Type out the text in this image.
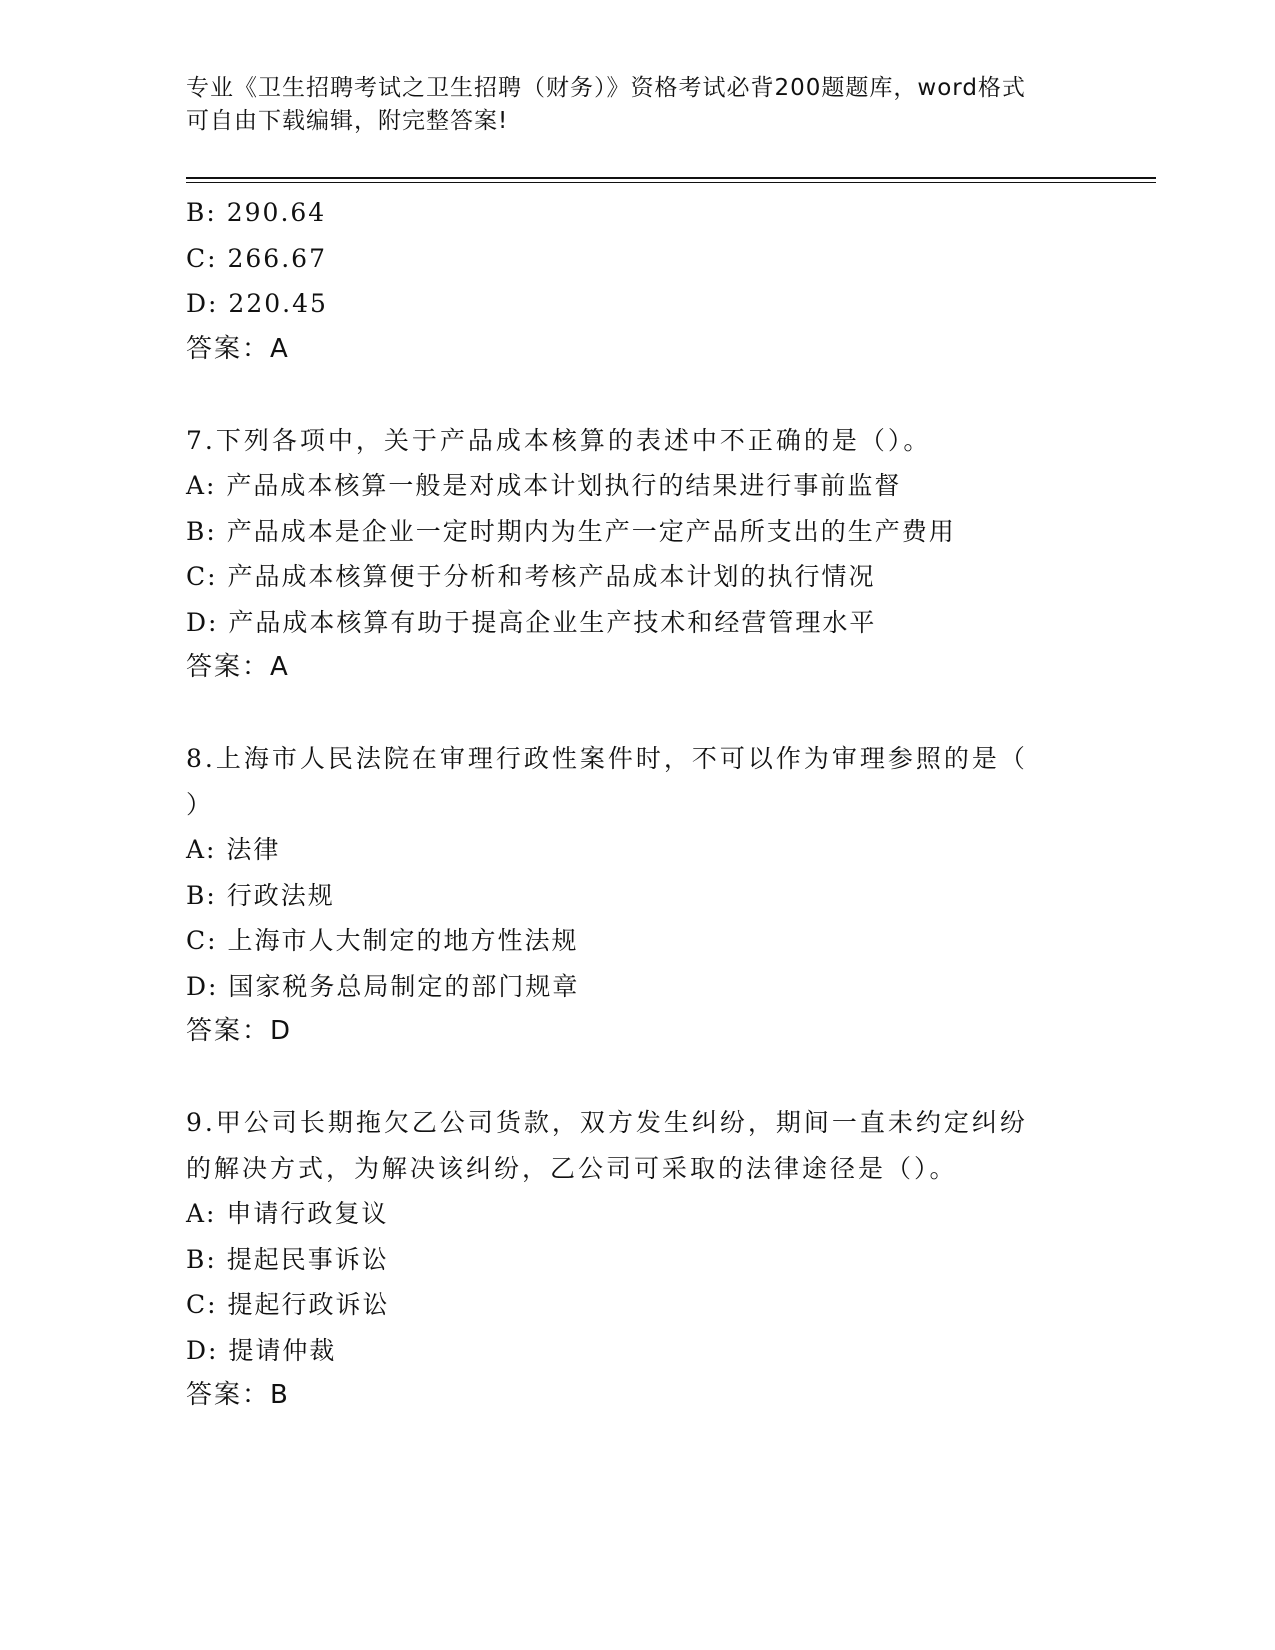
专业《卫生招聘考试之卫生招聘（财务）》资格考试必背200题题库，word格式
可自由下载编辑，附完整答案!
B: 290.64
C: 266.67
D: 220.45
答案：A
7.下列各项中，关于产品成本核算的表述中不正确的是（）。
A: 产品成本核算一般是对成本计划执行的结果进行事前监督
B: 产品成本是企业一定时期内为生产一定产品所支出的生产费用
C: 产品成本核算便于分析和考核产品成本计划的执行情况
D: 产品成本核算有助于提高企业生产技术和经营管理水平
答案：A
8.上海市人民法院在审理行政性案件时，不可以作为审理参照的是（
）
A: 法律
B: 行政法规
C: 上海市人大制定的地方性法规
D: 国家税务总局制定的部门规章
答案：D
9.甲公司长期拖欠乙公司货款，双方发生纠纷，期间一直未约定纠纷
的解决方式，为解决该纠纷，乙公司可采取的法律途径是（）。
A: 申请行政复议
B: 提起民事诉讼
C: 提起行政诉讼
D: 提请仲裁
答案：B
